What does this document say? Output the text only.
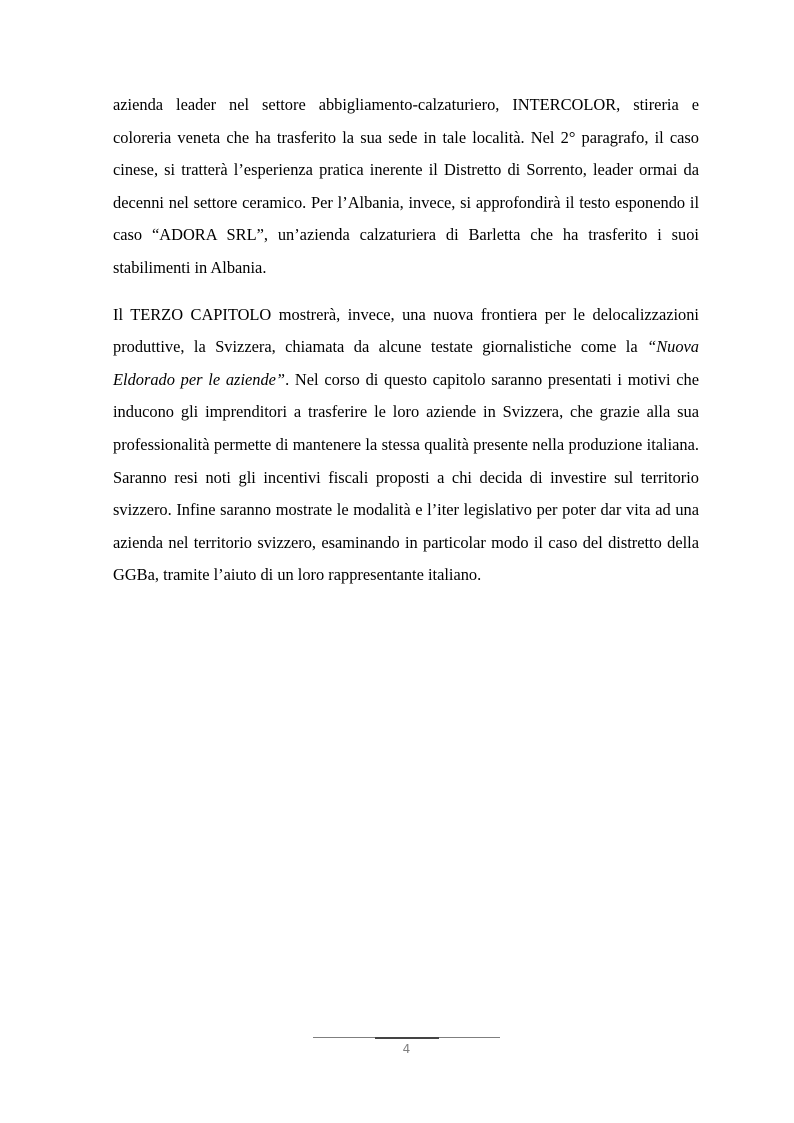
azienda leader nel settore abbigliamento-calzaturiero, INTERCOLOR, stireria e coloreria veneta che ha trasferito la sua sede in tale località. Nel 2° paragrafo, il caso cinese, si tratterà l’esperienza pratica inerente il Distretto di Sorrento, leader ormai da decenni nel settore ceramico. Per l’Albania, invece, si approfondirà il testo esponendo il caso “ADORA SRL”, un’azienda calzaturiera di Barletta che ha trasferito i suoi stabilimenti in Albania.

Il TERZO CAPITOLO mostrerà, invece, una nuova frontiera per le delocalizzazioni produttive, la Svizzera, chiamata da alcune testate giornalistiche come la “Nuova Eldorado per le aziende”. Nel corso di questo capitolo saranno presentati i motivi che inducono gli imprenditori a trasferire le loro aziende in Svizzera, che grazie alla sua professionalità permette di mantenere la stessa qualità presente nella produzione italiana. Saranno resi noti gli incentivi fiscali proposti a chi decida di investire sul territorio svizzero. Infine saranno mostrate le modalità e l’iter legislativo per poter dar vita ad una azienda nel territorio svizzero, esaminando in particolar modo il caso del distretto della GGBa, tramite l’aiuto di un loro rappresentante italiano.

4
